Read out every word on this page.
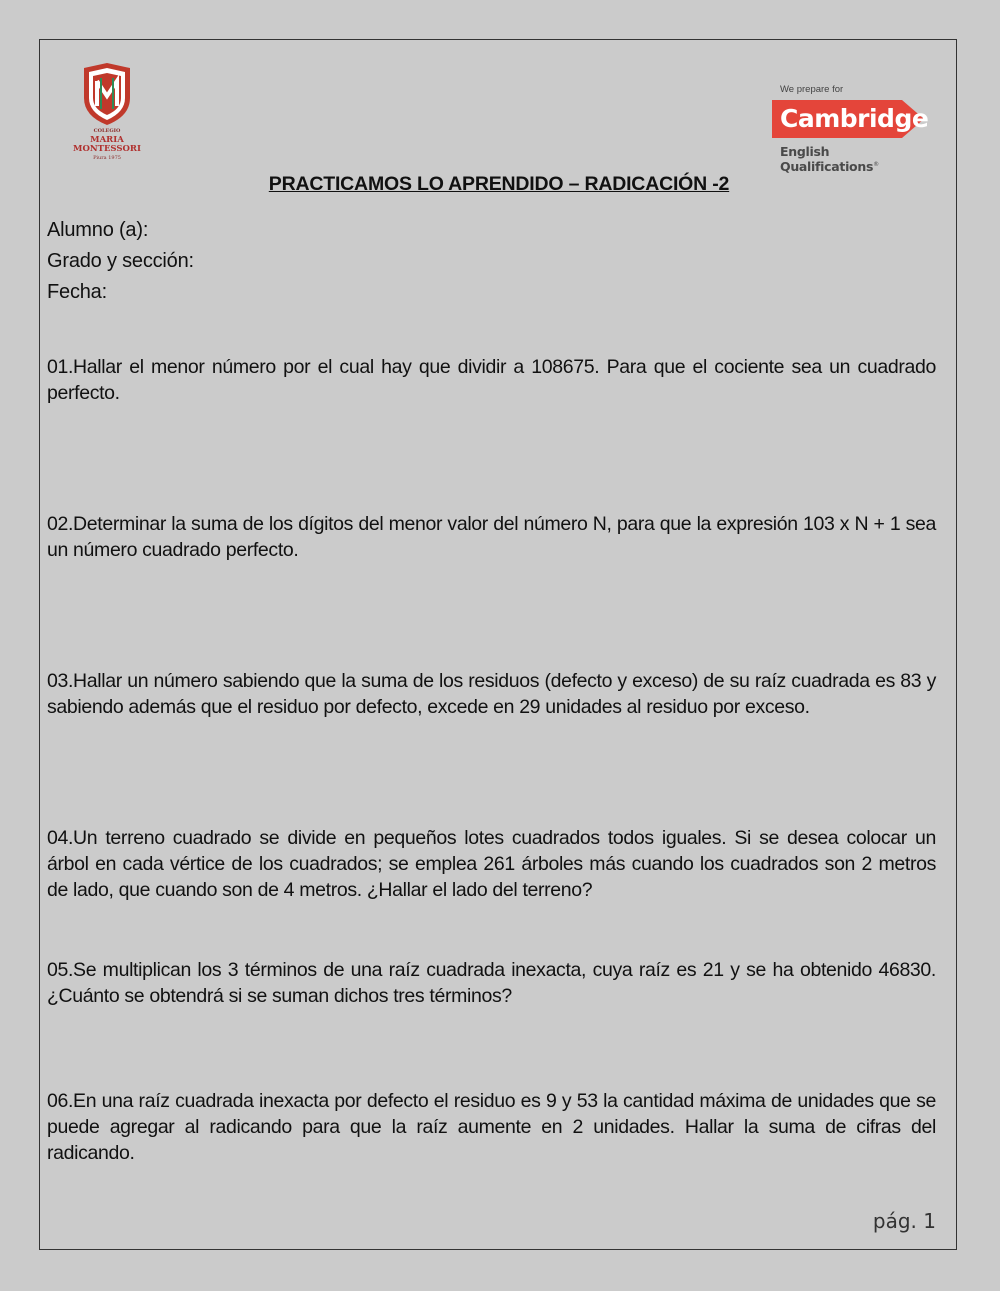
COLEGIO
MARIA
MONTESSORI
Piura 1975
We prepare for
Cambridge
English Qualifications®
PRACTICAMOS LO APRENDIDO – RADICACIÓN -2
Alumno (a):
Grado y sección:
Fecha:
01.Hallar el menor número por el cual hay que dividir a 108675. Para que el cociente sea un cuadrado perfecto.
02.Determinar la suma de los dígitos del menor valor del número N, para que la expresión 103 x N + 1 sea un número cuadrado perfecto.
03.Hallar un número sabiendo que la suma de los residuos (defecto y exceso) de su raíz cuadrada es 83 y sabiendo además que el residuo por defecto, excede en 29 unidades al residuo por exceso.
04.Un terreno cuadrado se divide en pequeños lotes cuadrados todos iguales. Si se desea colocar un árbol en cada vértice de los cuadrados; se emplea 261 árboles más cuando los cuadrados son 2 metros de lado, que cuando son de 4 metros. ¿Hallar el lado del terreno?
05.Se multiplican los 3 términos de una raíz cuadrada inexacta, cuya raíz es 21 y se ha obtenido 46830. ¿Cuánto se obtendrá si se suman dichos tres términos?
06.En una raíz cuadrada inexacta por defecto el residuo es 9 y 53 la cantidad máxima de unidades que se puede agregar al radicando para que la raíz aumente en 2 unidades. Hallar la suma de cifras del radicando.
pág. 1
